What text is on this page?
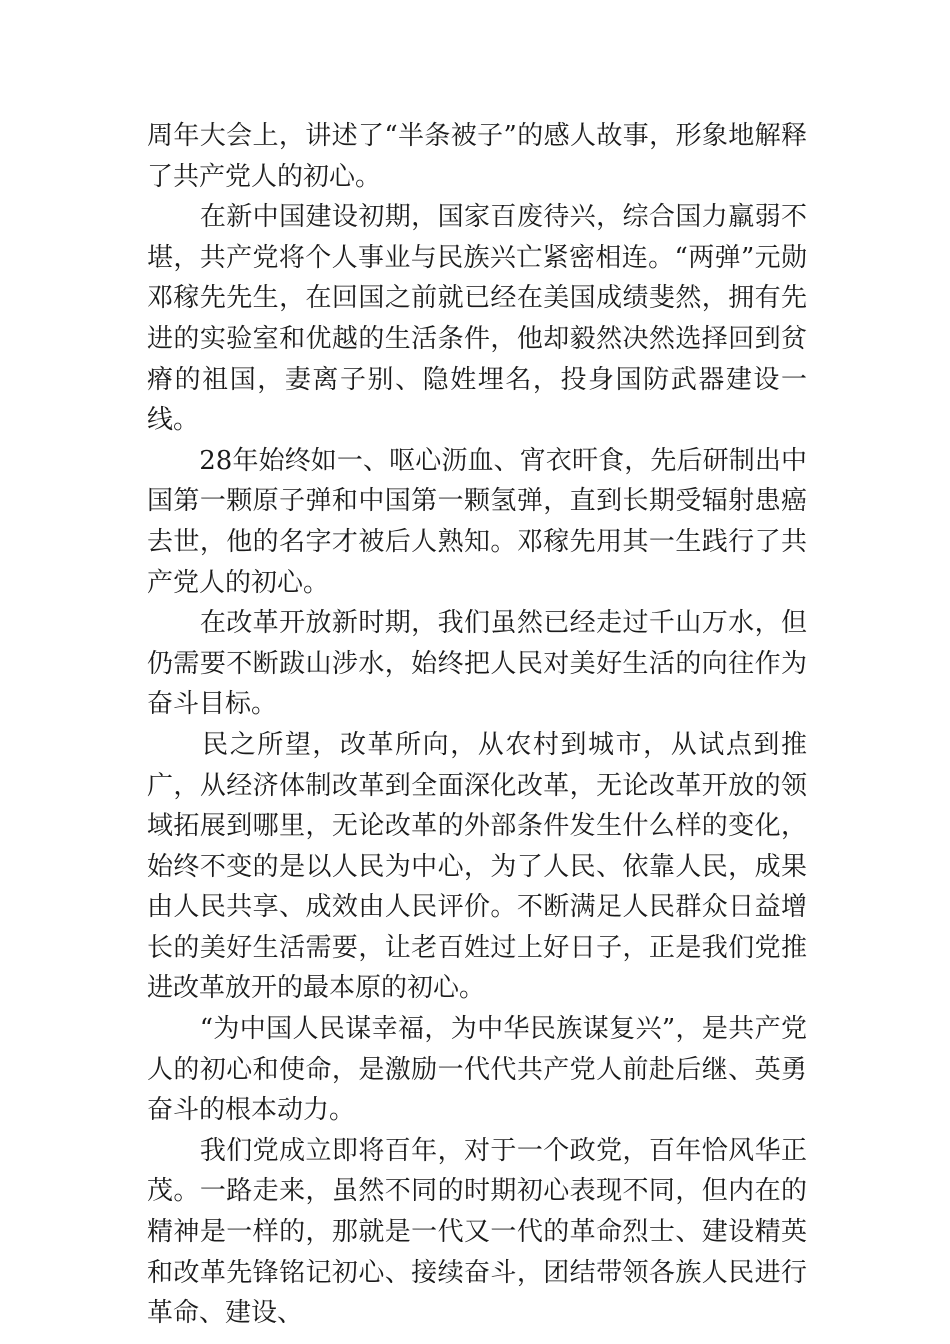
周年大会上，讲述了“半条被子”的感人故事，形象地解释了共产党人的初心。

　　在新中国建设初期，国家百废待兴，综合国力羸弱不堪，共产党将个人事业与民族兴亡紧密相连。“两弹”元勋邓稼先先生，在回国之前就已经在美国成绩斐然，拥有先进的实验室和优越的生活条件，他却毅然决然选择回到贫瘠的祖国，妻离子别、隐姓埋名，投身国防武器建设一线。

　　28年始终如一、呕心沥血、宵衣旰食，先后研制出中国第一颗原子弹和中国第一颗氢弹，直到长期受辐射患癌去世，他的名字才被后人熟知。邓稼先用其一生践行了共产党人的初心。

　　在改革开放新时期，我们虽然已经走过千山万水，但仍需要不断跋山涉水，始终把人民对美好生活的向往作为奋斗目标。

　　民之所望，改革所向，从农村到城市，从试点到推广，从经济体制改革到全面深化改革，无论改革开放的领域拓展到哪里，无论改革的外部条件发生什么样的变化，始终不变的是以人民为中心，为了人民、依靠人民，成果由人民共享、成效由人民评价。不断满足人民群众日益增长的美好生活需要，让老百姓过上好日子，正是我们党推进改革放开的最本原的初心。

　　“为中国人民谋幸福，为中华民族谋复兴”，是共产党人的初心和使命，是激励一代代共产党人前赴后继、英勇奋斗的根本动力。

　　我们党成立即将百年，对于一个政党，百年恰风华正茂。一路走来，虽然不同的时期初心表现不同，但内在的精神是一样的，那就是一代又一代的革命烈士、建设精英和改革先锋铭记初心、接续奋斗，团结带领各族人民进行革命、建设、
